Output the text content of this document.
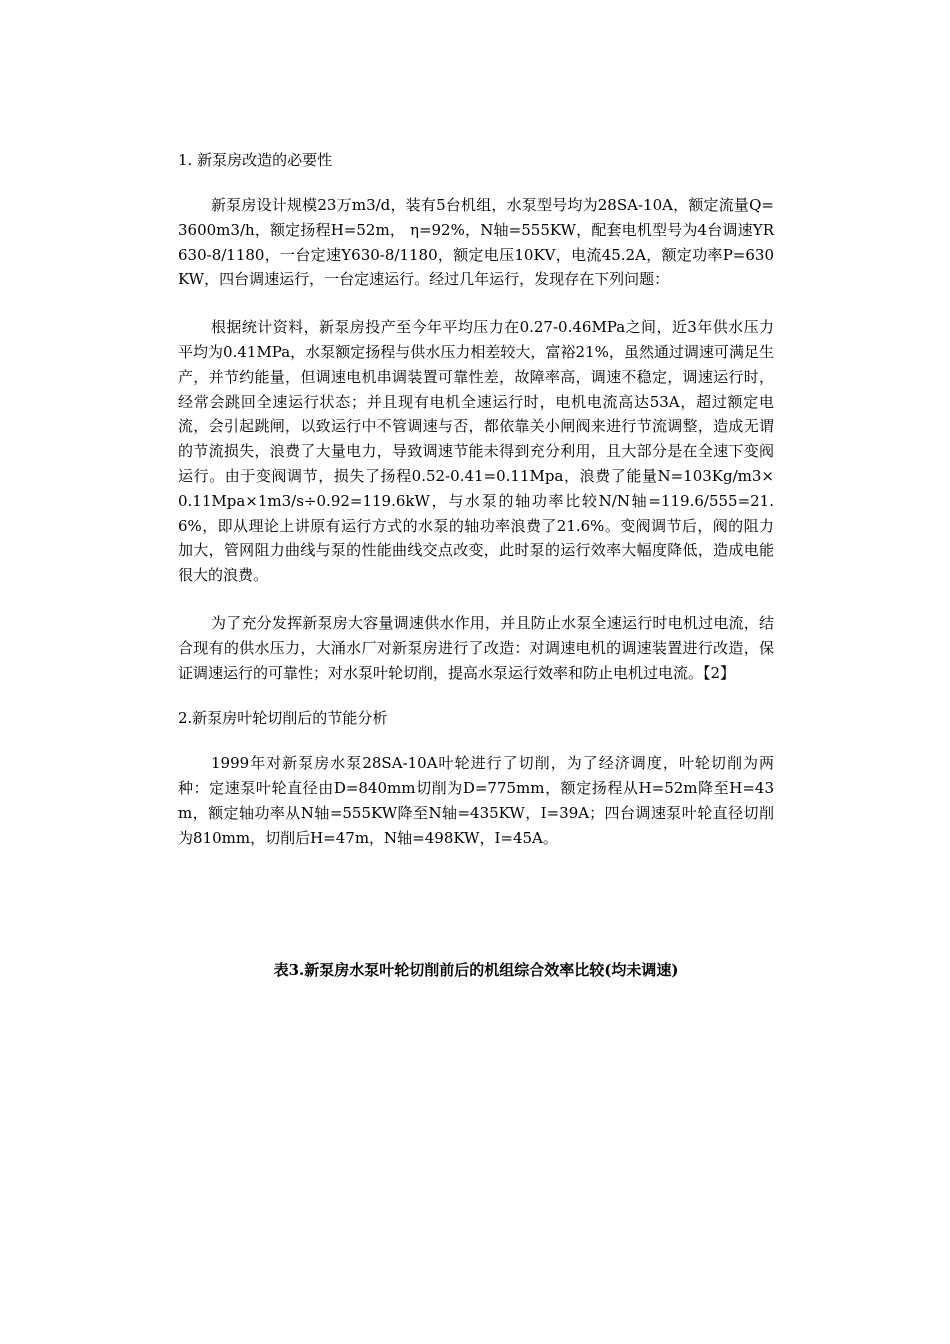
1. 新泵房改造的必要性

新泵房设计规模23万m3/d，装有5台机组，水泵型号均为28SA-10A，额定流量Q=3600m3/h，额定扬程H=52m， η=92%，N轴=555KW，配套电机型号为4台调速YR630-8/1180，一台定速Y630-8/1180，额定电压10KV，电流45.2A，额定功率P=630KW，四台调速运行，一台定速运行。经过几年运行，发现存在下列问题：

根据统计资料，新泵房投产至今年平均压力在0.27-0.46MPa之间，近3年供水压力平均为0.41MPa，水泵额定扬程与供水压力相差较大，富裕21%，虽然通过调速可满足生产，并节约能量，但调速电机串调装置可靠性差，故障率高，调速不稳定，调速运行时，经常会跳回全速运行状态；并且现有电机全速运行时，电机电流高达53A，超过额定电流，会引起跳闸，以致运行中不管调速与否，都依靠关小闸阀来进行节流调整，造成无谓的节流损失，浪费了大量电力，导致调速节能未得到充分利用，且大部分是在全速下变阀运行。由于变阀调节，损失了扬程0.52-0.41=0.11Mpa，浪费了能量N=103Kg/m3×0.11Mpa×1m3/s÷0.92=119.6kW，与水泵的轴功率比较N/N轴=119.6/555=21.6%，即从理论上讲原有运行方式的水泵的轴功率浪费了21.6%。变阀调节后，阀的阻力加大，管网阻力曲线与泵的性能曲线交点改变，此时泵的运行效率大幅度降低，造成电能很大的浪费。

为了充分发挥新泵房大容量调速供水作用，并且防止水泵全速运行时电机过电流，结合现有的供水压力，大涌水厂对新泵房进行了改造：对调速电机的调速装置进行改造，保证调速运行的可靠性；对水泵叶轮切削，提高水泵运行效率和防止电机过电流。【2】

2.新泵房叶轮切削后的节能分析

1999年对新泵房水泵28SA-10A叶轮进行了切削，为了经济调度，叶轮切削为两种：定速泵叶轮直径由D=840mm切削为D=775mm，额定扬程从H=52m降至H=43m，额定轴功率从N轴=555KW降至N轴=435KW，I=39A；四台调速泵叶轮直径切削为810mm，切削后H=47m，N轴=498KW，I=45A。

表3.新泵房水泵叶轮切削前后的机组综合效率比较(均未调速)
